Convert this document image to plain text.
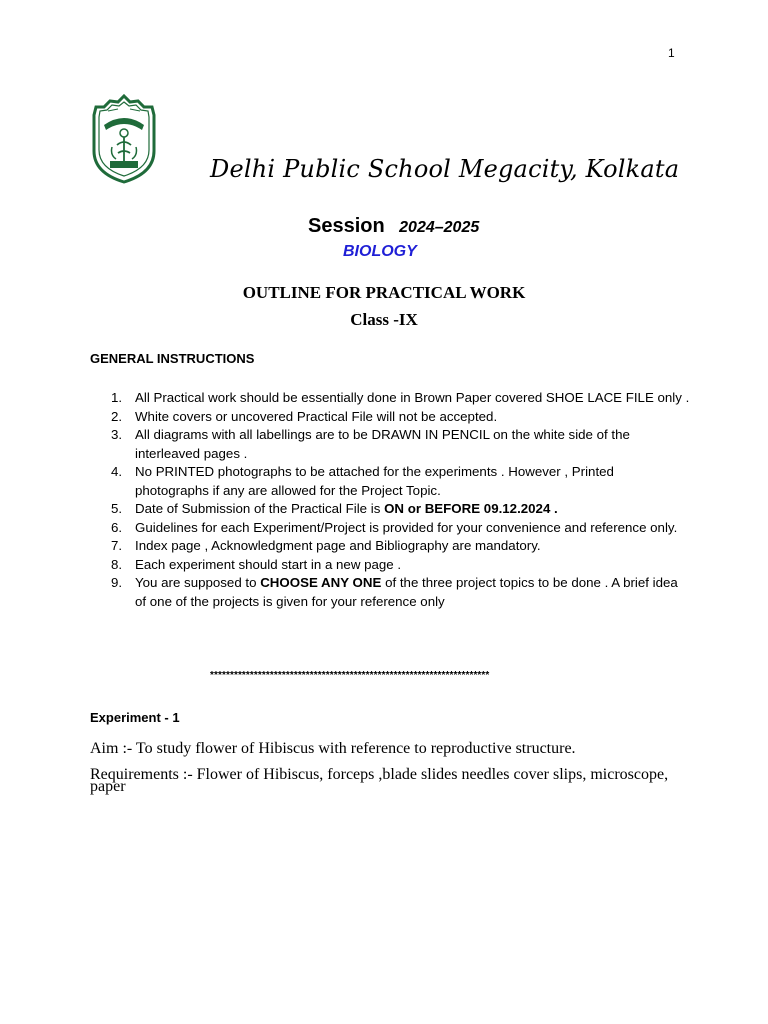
1
Delhi Public School Megacity, Kolkata
Session 2024–2025
BIOLOGY
OUTLINE FOR PRACTICAL WORK
Class -IX
GENERAL INSTRUCTIONS
1. All Practical work should be essentially done in Brown Paper covered SHOE LACE FILE only .
2. White covers or uncovered Practical File will not be accepted.
3. All diagrams with all labellings are to be DRAWN IN PENCIL on the white side of the interleaved pages .
4. No PRINTED photographs to be attached for the experiments . However , Printed photographs if any are allowed for the Project Topic.
5. Date of Submission of the Practical File is ON or BEFORE 09.12.2024 .
6. Guidelines for each Experiment/Project is provided for your convenience and reference only.
7. Index page , Acknowledgment page and Bibliography are mandatory.
8. Each experiment should start in a new page .
9. You are supposed to CHOOSE ANY ONE of the three project topics to be done . A brief idea of one of the projects is given for your reference only
**********************************************************************
Experiment - 1
Aim :- To study flower of Hibiscus with reference to reproductive structure.
Requirements :- Flower of Hibiscus, forceps ,blade slides needles cover slips, microscope, paper
